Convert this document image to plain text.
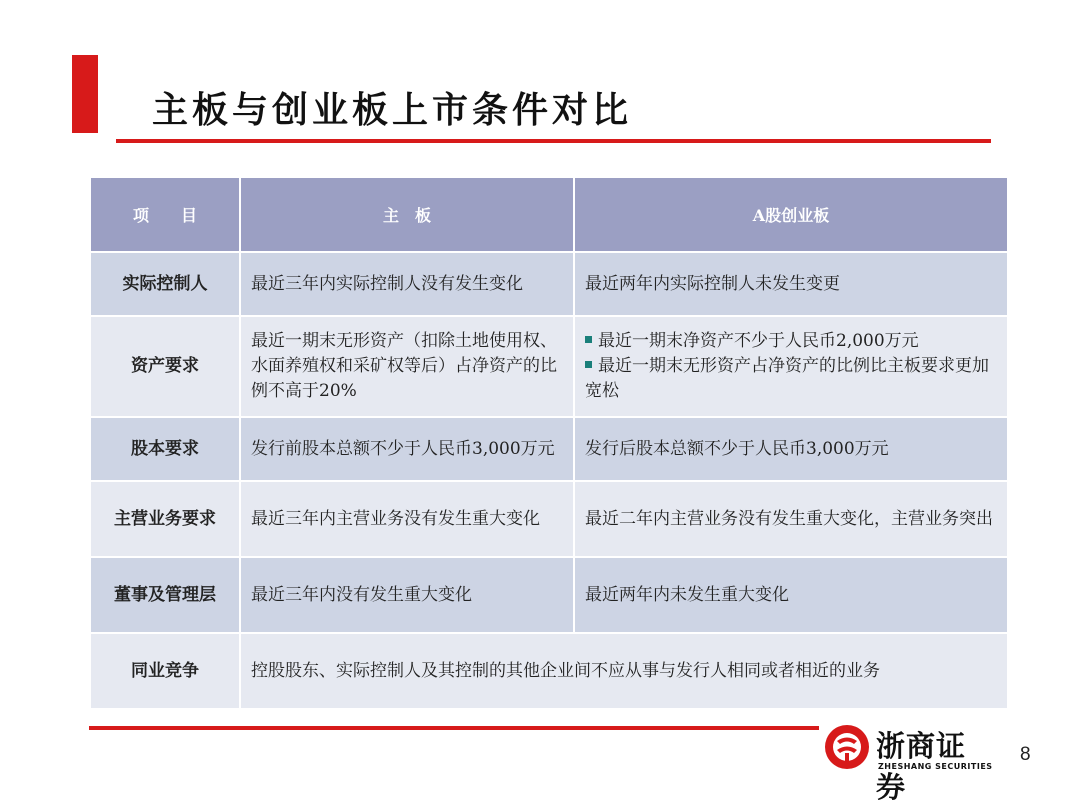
主板与创业板上市条件对比
项　　目	主　板	A股创业板
实际控制人	最近三年内实际控制人没有发生变化	最近两年内实际控制人未发生变更
资产要求	最近一期末无形资产（扣除土地使用权、水面养殖权和采矿权等后）占净资产的比例不高于20%	最近一期末净资产不少于人民币2,000万元
最近一期末无形资产占净资产的比例比主板要求更加宽松

股本要求	发行前股本总额不少于人民币3,000万元	发行后股本总额不少于人民币3,000万元
主营业务要求	最近三年内主营业务没有发生重大变化	最近二年内主营业务没有发生重大变化，主营业务突出
董事及管理层	最近三年内没有发生重大变化	最近两年内未发生重大变化
同业竞争	控股股东、实际控制人及其控制的其他企业间不应从事与发行人相同或者相近的业务	
浙商证券
ZHESHANG SECURITIES
8
